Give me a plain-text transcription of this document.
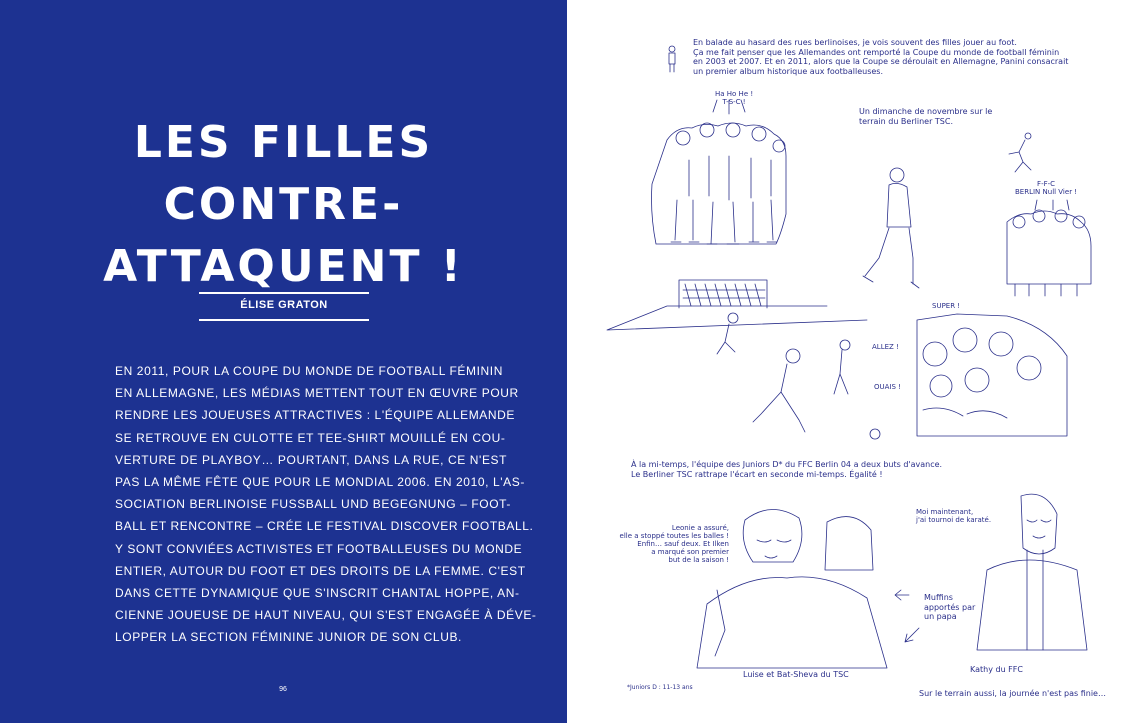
LES FILLES
CONTRE-
ATTAQUENT !
ÉLISE GRATON
EN 2011, POUR LA COUPE DU MONDE DE FOOTBALL FÉMININ
EN ALLEMAGNE, LES MÉDIAS METTENT TOUT EN ŒUVRE POUR
RENDRE LES JOUEUSES ATTRACTIVES : L'ÉQUIPE ALLEMANDE
SE RETROUVE EN CULOTTE ET TEE-SHIRT MOUILLÉ EN COU-
VERTURE DE PLAYBOY… POURTANT, DANS LA RUE, CE N'EST
PAS LA MÊME FÊTE QUE POUR LE MONDIAL 2006. EN 2010, L'AS-
SOCIATION BERLINOISE FUSSBALL UND BEGEGNUNG – FOOT-
BALL ET RENCONTRE – CRÉE LE FESTIVAL DISCOVER FOOTBALL.
Y SONT CONVIÉES ACTIVISTES ET FOOTBALLEUSES DU MONDE
ENTIER, AUTOUR DU FOOT ET DES DROITS DE LA FEMME. C'EST
DANS CETTE DYNAMIQUE QUE S'INSCRIT CHANTAL HOPPE, AN-
CIENNE JOUEUSE DE HAUT NIVEAU, QUI S'EST ENGAGÉE À DÉVE-
LOPPER LA SECTION FÉMININE JUNIOR DE SON CLUB.
96
En balade au hasard des rues berlinoises, je vois souvent des filles jouer au foot.
Ça me fait penser que les Allemandes ont remporté la Coupe du monde de football féminin
en 2003 et 2007. Et en 2011, alors que la Coupe se déroulait en Allemagne, Panini consacrait
un premier album historique aux footballeuses.
Ha Ho He !
T-S-C !
Un dimanche de novembre sur le
terrain du Berliner TSC.
F-F-C
BERLIN Null Vier !
SUPER !
ALLEZ !
OUAIS !
À la mi-temps, l'équipe des Juniors D* du FFC Berlin 04 a deux buts d'avance.
Le Berliner TSC rattrape l'écart en seconde mi-temps. Égalité !
Leonie a assuré,
elle a stoppé toutes les balles !
Enfin… sauf deux. Et Ilken
a marqué son premier
but de la saison !
Moi maintenant,
j'ai tournoi de karaté.
Muffins
apportés par
un papa
Kathy du FFC
Luise et Bat-Sheva du TSC
*Juniors D : 11-13 ans
Sur le terrain aussi, la journée n'est pas finie…
